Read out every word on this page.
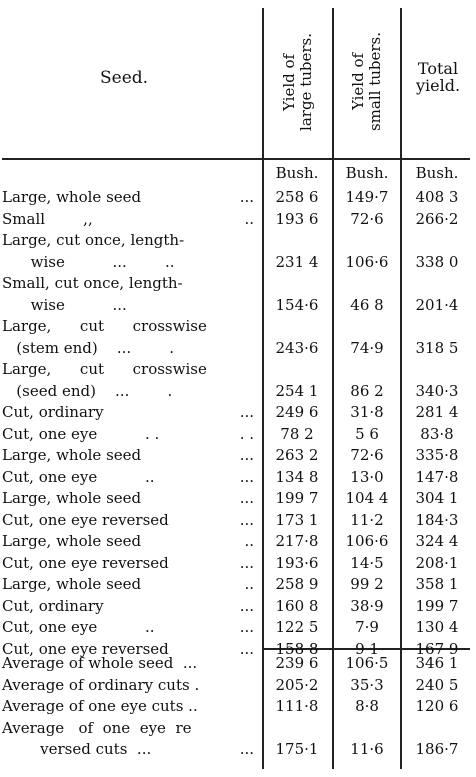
Seed.	Yield of
large tubers.
Yield of
small tubers.	Total
yield.
Bush.	Bush.	Bush.
Large, whole seed	...	258 6	149·7	408 3
Small        ,,	..	193 6	72·6	266·2
Large, cut once, length-
wise          ...        ..	231 4	106·6	338 0
Small, cut once, length-
wise          ...	154·6	46 8	201·4
Large,      cut      crosswise
(stem end)    ...        .	243·6	74·9	318 5
Large,      cut      crosswise
(seed end)    ...        .	254 1	86 2	340·3
Cut, ordinary	...	249 6	31·8	281 4
Cut, one eye          . .	. .	78 2	5 6	83·8
Large, whole seed	...	263 2	72·6	335·8
Cut, one eye          ..	...	134 8	13·0	147·8
Large, whole seed	...	199 7	104 4	304 1
Cut, one eye reversed	...	173 1	11·2	184·3
Large, whole seed	..	217·8	106·6	324 4
Cut, one eye reversed	...	193·6	14·5	208·1
Large, whole seed	..	258 9	99 2	358 1
Cut, ordinary	...	160 8	38·9	199 7
Cut, one eye          ..	...	122 5	7·9	130 4
Cut, one eye reversed	...	158 8	9 1	167 9
Average of whole seed  ...	239 6	106·5	346 1
Average of ordinary cuts .	205·2	35·3	240 5
Average of one eye cuts ..	111·8	8·8	120 6
Average   of  one  eye  re
versed cuts  ...	...	175·1	11·6	186·7
